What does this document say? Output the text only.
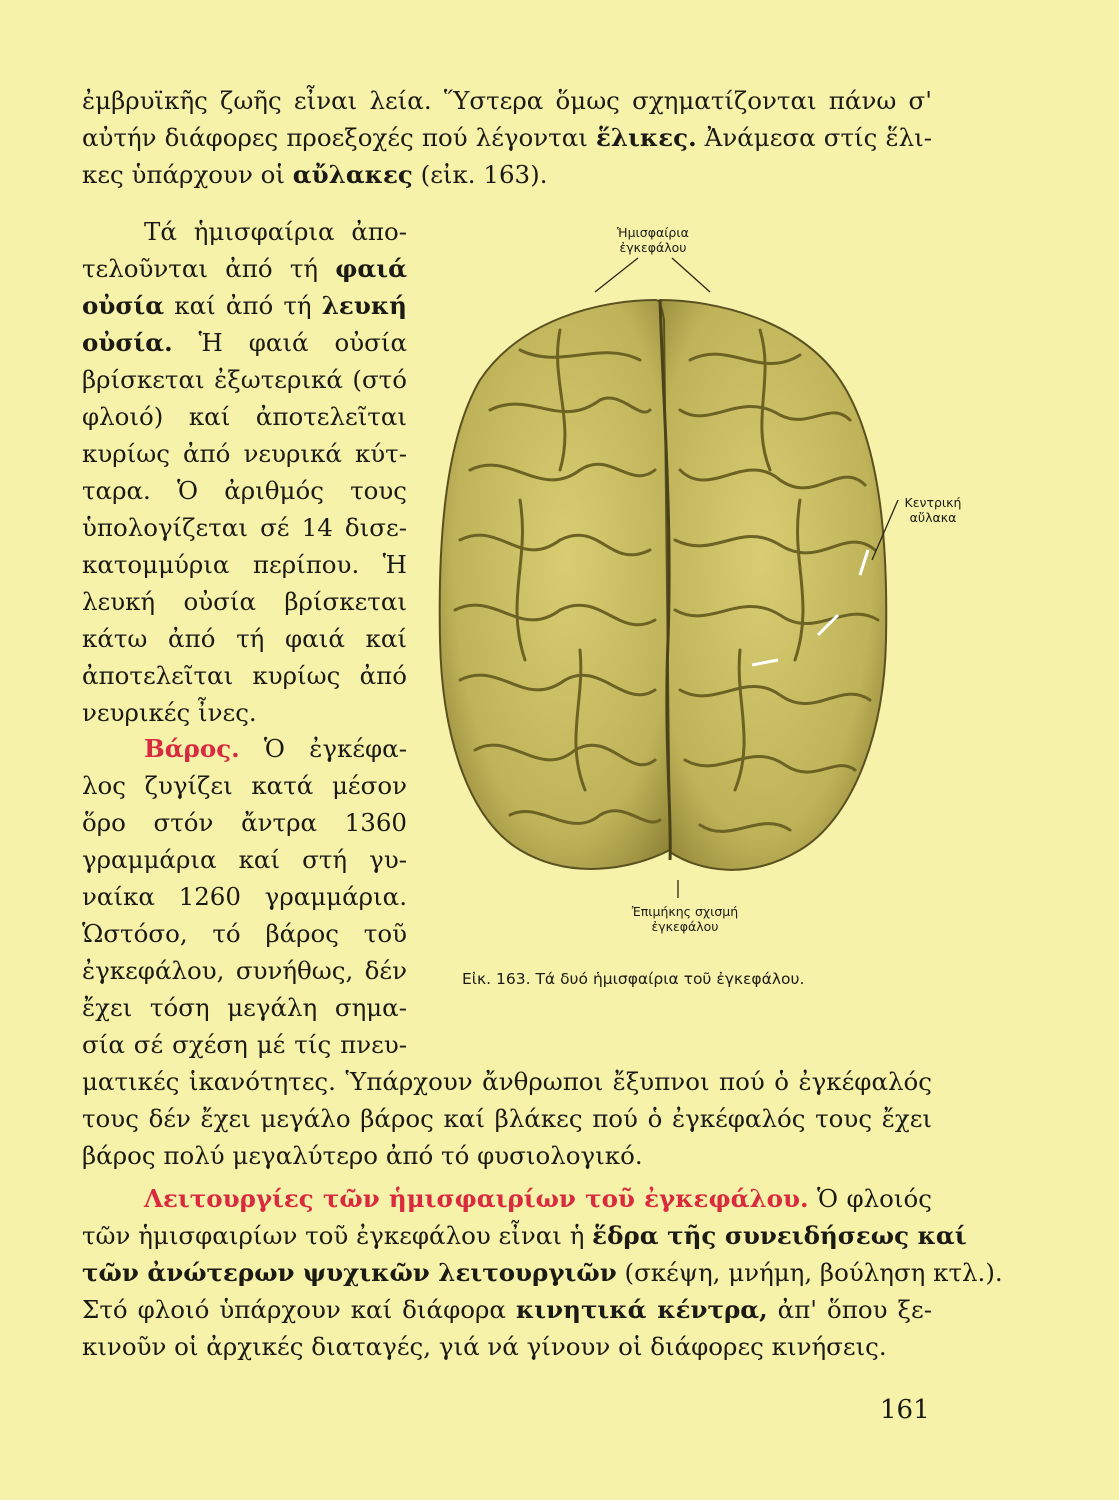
ἐμβρυϊκῆς ζωῆς εἶναι λεία. Ὕστερα ὅμως σχηματίζονται πάνω σ'
αὐτήν διάφορες προεξοχές πού λέγονται ἕλικες. Ἀνάμεσα στίς ἕλι-
κες ὑπάρχουν οἱ αὔλακες (εἰκ. 163).
Τά ἡμισφαίρια ἀπο-
τελοῦνται ἀπό τή φαιά
οὐσία καί ἀπό τή λευκή
οὐσία. Ἡ φαιά οὐσία
βρίσκεται ἐξωτερικά (στό
φλοιό) καί ἀποτελεῖται
κυρίως ἀπό νευρικά κύτ-
ταρα. Ὁ ἀριθμός τους
ὑπολογίζεται σέ 14 δισε-
κατομμύρια περίπου. Ἡ
λευκή οὐσία βρίσκεται
κάτω ἀπό τή φαιά καί
ἀποτελεῖται κυρίως ἀπό
νευρικές ἶνες.
Βάρος. Ὁ ἐγκέφα-
λος ζυγίζει κατά μέσον
ὅρο στόν ἄντρα 1360
γραμμάρια καί στή γυ-
ναίκα 1260 γραμμάρια.
Ὡστόσο, τό βάρος τοῦ
ἐγκεφάλου, συνήθως, δέν
ἔχει τόση μεγάλη σημα-
σία σέ σχέση μέ τίς πνευ-
ματικές ἱκανότητες. Ὑπάρχουν ἄνθρωποι ἔξυπνοι πού ὁ ἐγκέφαλός
τους δέν ἔχει μεγάλο βάρος καί βλάκες πού ὁ ἐγκέφαλός τους ἔχει
βάρος πολύ μεγαλύτερο ἀπό τό φυσιολογικό.
Λειτουργίες τῶν ἡμισφαιρίων τοῦ ἐγκεφάλου. Ὁ φλοιός
τῶν ἡμισφαιρίων τοῦ ἐγκεφάλου εἶναι ἡ ἕδρα τῆς συνειδήσεως καί
τῶν ἀνώτερων ψυχικῶν λειτουργιῶν (σκέψη, μνήμη, βούληση κτλ.).
Στό φλοιό ὑπάρχουν καί διάφορα κινητικά κέντρα, ἀπ' ὅπου ξε-
κινοῦν οἱ ἀρχικές διαταγές, γιά νά γίνουν οἱ διάφορες κινήσεις.
Ἡμισφαίρια
ἐγκεφάλου
Κεντρική
αὔλακα
Ἐπιμήκης σχισμή
ἐγκεφάλου
Εἰκ. 163. Τά δυό ἡμισφαίρια τοῦ ἐγκεφάλου.
161
